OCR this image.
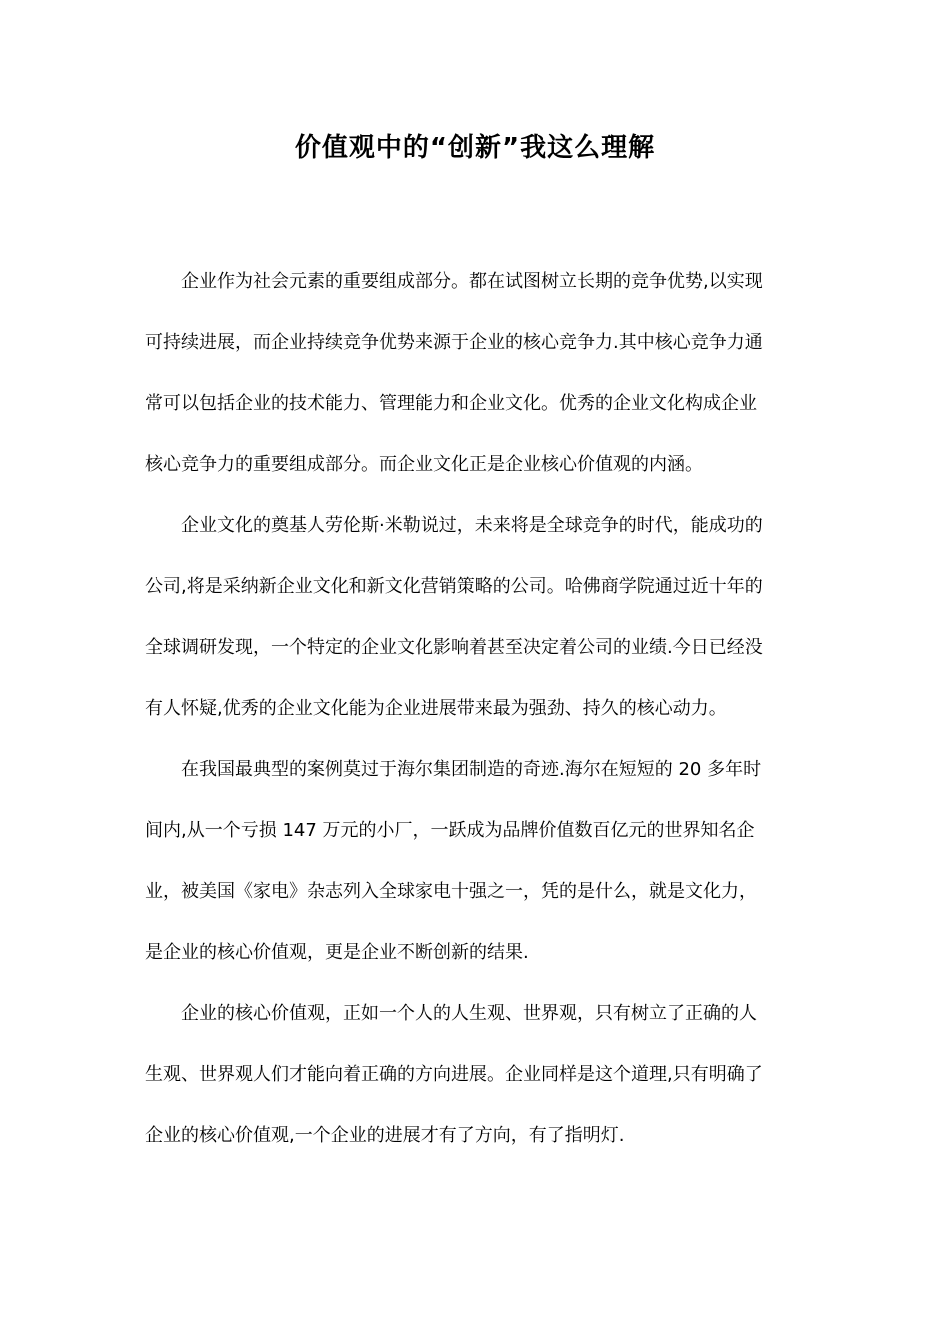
价值观中的“创新”我这么理解

企业作为社会元素的重要组成部分。都在试图树立长期的竞争优势,以实现
可持续进展，而企业持续竞争优势来源于企业的核心竞争力.其中核心竞争力通
常可以包括企业的技术能力、管理能力和企业文化。优秀的企业文化构成企业
核心竞争力的重要组成部分。而企业文化正是企业核心价值观的内涵。

企业文化的奠基人劳伦斯·米勒说过，未来将是全球竞争的时代，能成功的
公司,将是采纳新企业文化和新文化营销策略的公司。哈佛商学院通过近十年的
全球调研发现，一个特定的企业文化影响着甚至决定着公司的业绩.今日已经没
有人怀疑,优秀的企业文化能为企业进展带来最为强劲、持久的核心动力。

在我国最典型的案例莫过于海尔集团制造的奇迹.海尔在短短的 20 多年时
间内,从一个亏损 147 万元的小厂，一跃成为品牌价值数百亿元的世界知名企
业，被美国《家电》杂志列入全球家电十强之一，凭的是什么，就是文化力，
是企业的核心价值观，更是企业不断创新的结果.

企业的核心价值观，正如一个人的人生观、世界观，只有树立了正确的人
生观、世界观人们才能向着正确的方向进展。企业同样是这个道理,只有明确了
企业的核心价值观,一个企业的进展才有了方向，有了指明灯.
